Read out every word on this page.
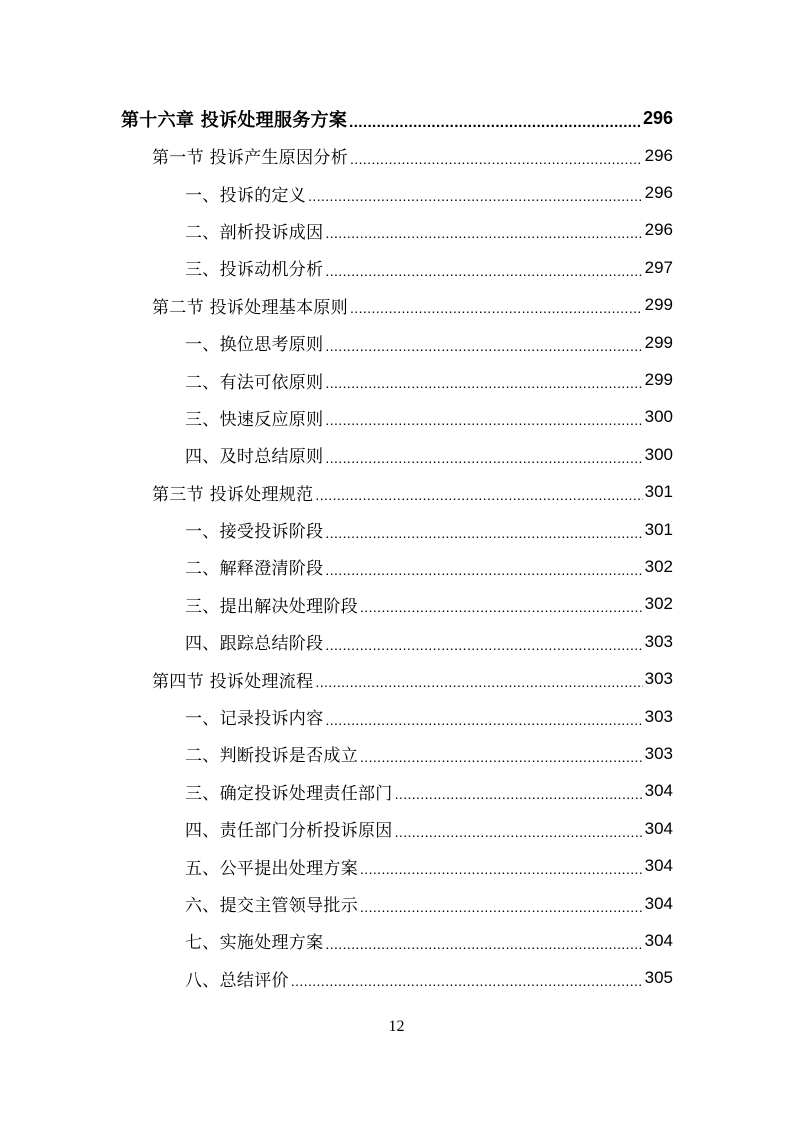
第十六章 投诉处理服务方案 .....	296
第一节 投诉产生原因分析 .....	296
一、投诉的定义 .....	296
二、剖析投诉成因 .....	296
三、投诉动机分析 .....	297
第二节 投诉处理基本原则 .....	299
一、换位思考原则 .....	299
二、有法可依原则 .....	299
三、快速反应原则 .....	300
四、及时总结原则 .....	300
第三节 投诉处理规范 .....	301
一、接受投诉阶段 .....	301
二、解释澄清阶段 .....	302
三、提出解决处理阶段 .....	302
四、跟踪总结阶段 .....	303
第四节 投诉处理流程 .....	303
一、记录投诉内容 .....	303
二、判断投诉是否成立 .....	303
三、确定投诉处理责任部门 .....	304
四、责任部门分析投诉原因 .....	304
五、公平提出处理方案 .....	304
六、提交主管领导批示 .....	304
七、实施处理方案 .....	304
八、总结评价 .....	305
12
